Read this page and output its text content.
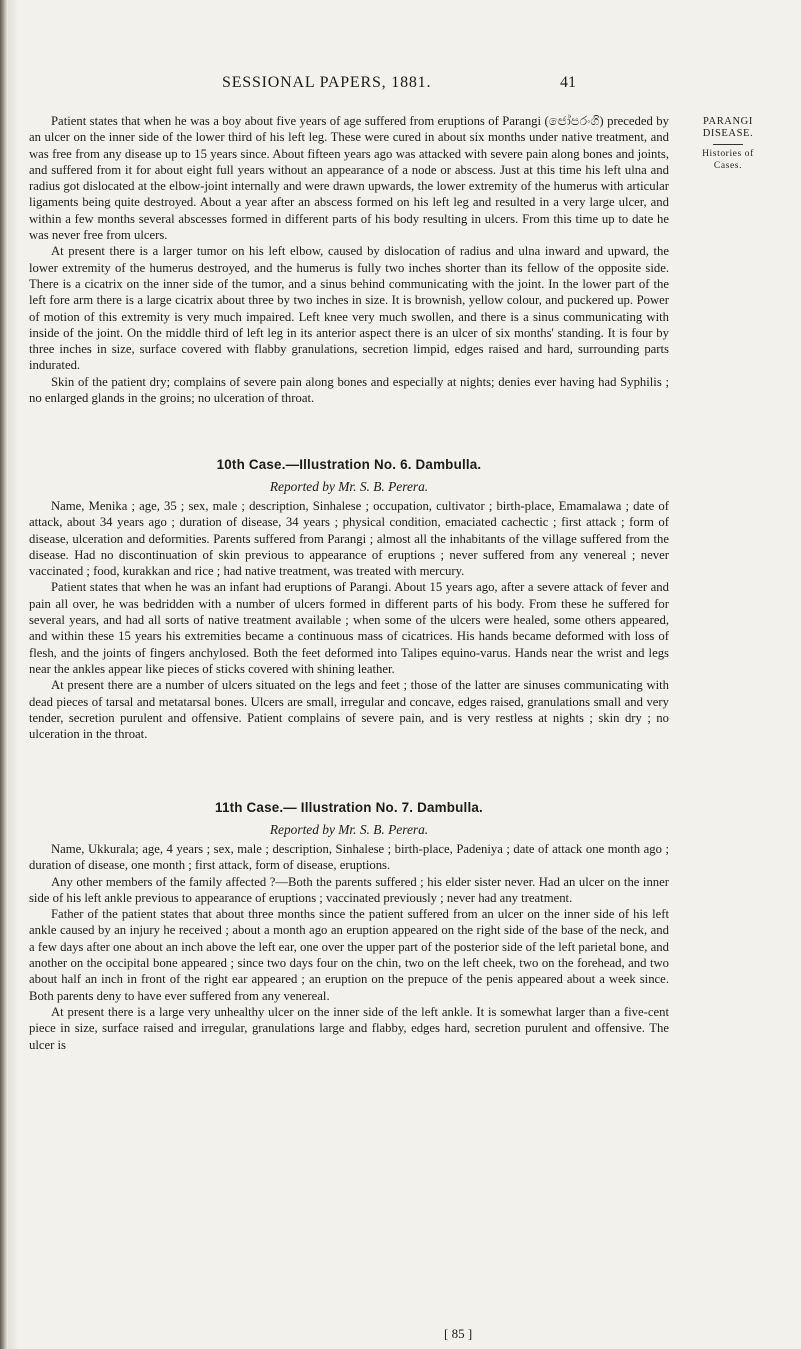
SESSIONAL PAPERS, 1881.	41
PARANGI
DISEASE.
Histories of
Cases.

Patient states that when he was a boy about five years of age suffered from eruptions of Parangi (ඦෝපරංගි) preceded by an ulcer on the inner side of the lower third of his left leg. These were cured in about six months under native treatment, and was free from any disease up to 15 years since. About fifteen years ago was attacked with severe pain along bones and joints, and suffered from it for about eight full years without an appearance of a node or abscess. Just at this time his left ulna and radius got dislocated at the elbow-joint internally and were drawn upwards, the lower extremity of the humerus with articular ligaments being quite destroyed. About a year after an abscess formed on his left leg and resulted in a very large ulcer, and within a few months several abscesses formed in different parts of his body resulting in ulcers. From this time up to date he was never free from ulcers.

At present there is a larger tumor on his left elbow, caused by dislocation of radius and ulna inward and upward, the lower extremity of the humerus destroyed, and the humerus is fully two inches shorter than its fellow of the opposite side. There is a cicatrix on the inner side of the tumor, and a sinus behind communicating with the joint. In the lower part of the left fore arm there is a large cicatrix about three by two inches in size. It is brownish, yellow colour, and puckered up. Power of motion of this extremity is very much impaired. Left knee very much swollen, and there is a sinus communicating with inside of the joint. On the middle third of left leg in its anterior aspect there is an ulcer of six months' standing. It is four by three inches in size, surface covered with flabby granulations, secretion limpid, edges raised and hard, surrounding parts indurated.

Skin of the patient dry; complains of severe pain along bones and especially at nights; denies ever having had Syphilis ; no enlarged glands in the groins; no ulceration of throat.

10th Case.—Illustration No. 6. Dambulla.
Reported by Mr. S. B. Perera.

Name, Menika ; age, 35 ; sex, male ; description, Sinhalese ; occupation, cultivator ; birth-place, Emamalawa ; date of attack, about 34 years ago ; duration of disease, 34 years ; physical condition, emaciated cachectic ; first attack ; form of disease, ulceration and deformities. Parents suffered from Parangi ; almost all the inhabitants of the village suffered from the disease. Had no discontinuation of skin previous to appearance of eruptions ; never suffered from any venereal ; never vaccinated ; food, kurakkan and rice ; had native treatment, was treated with mercury.

Patient states that when he was an infant had eruptions of Parangi. About 15 years ago, after a severe attack of fever and pain all over, he was bedridden with a number of ulcers formed in different parts of his body. From these he suffered for several years, and had all sorts of native treatment available ; when some of the ulcers were healed, some others appeared, and within these 15 years his extremities became a continuous mass of cicatrices. His hands became deformed with loss of flesh, and the joints of fingers anchylosed. Both the feet deformed into Talipes equino-varus. Hands near the wrist and legs near the ankles appear like pieces of sticks covered with shining leather.

At present there are a number of ulcers situated on the legs and feet ; those of the latter are sinuses communicating with dead pieces of tarsal and metatarsal bones. Ulcers are small, irregular and concave, edges raised, granulations small and very tender, secretion purulent and offensive. Patient complains of severe pain, and is very restless at nights ; skin dry ; no ulceration in the throat.

11th Case.— Illustration No. 7. Dambulla.
Reported by Mr. S. B. Perera.

Name, Ukkurala; age, 4 years ; sex, male ; description, Sinhalese ; birth-place, Padeniya ; date of attack one month ago ; duration of disease, one month ; first attack, form of disease, eruptions.

Any other members of the family affected ?—Both the parents suffered ; his elder sister never. Had an ulcer on the inner side of his left ankle previous to appearance of eruptions ; vaccinated previously ; never had any treatment.

Father of the patient states that about three months since the patient suffered from an ulcer on the inner side of his left ankle caused by an injury he received ; about a month ago an eruption appeared on the right side of the base of the neck, and a few days after one about an inch above the left ear, one over the upper part of the posterior side of the left parietal bone, and another on the occipital bone appeared ; since two days four on the chin, two on the left cheek, two on the forehead, and two about half an inch in front of the right ear appeared ; an eruption on the prepuce of the penis appeared about a week since. Both parents deny to have ever suffered from any venereal.

At present there is a large very unhealthy ulcer on the inner side of the left ankle. It is somewhat larger than a five-cent piece in size, surface raised and irregular, granulations large and flabby, edges hard, secretion purulent and offensive. The ulcer is

[ 85 ]
